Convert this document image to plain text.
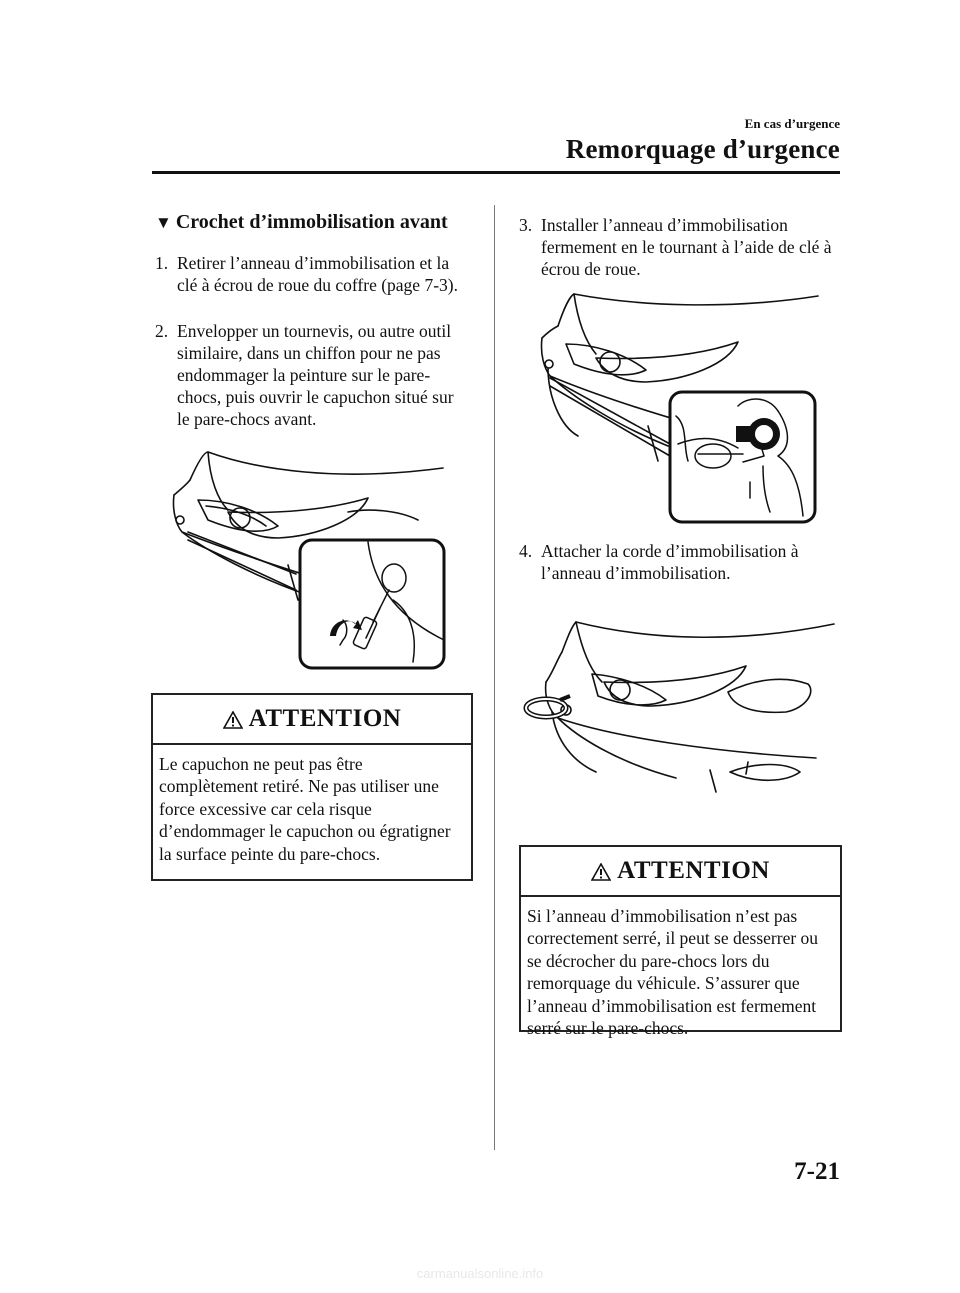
En cas d’urgence
Remorquage d’urgence
▼ Crochet d’immobilisation avant
1. Retirer l’anneau d’immobilisation et la clé à écrou de roue du coffre (page 7-3).
2. Envelopper un tournevis, ou autre outil similaire, dans un chiffon pour ne pas endommager la peinture sur le pare-chocs, puis ouvrir le capuchon situé sur le pare-chocs avant.
ATTENTION
Le capuchon ne peut pas être complètement retiré. Ne pas utiliser une force excessive car cela risque d’endommager le capuchon ou égratigner la surface peinte du pare-chocs.
3. Installer l’anneau d’immobilisation fermement en le tournant à l’aide de clé à écrou de roue.
4. Attacher la corde d’immobilisation à l’anneau d’immobilisation.
ATTENTION
Si l’anneau d’immobilisation n’est pas correctement serré, il peut se desserrer ou se décrocher du pare-chocs lors du remorquage du véhicule. S’assurer que l’anneau d’immobilisation est fermement serré sur le pare-chocs.
7-21
carmanualsonline.info
